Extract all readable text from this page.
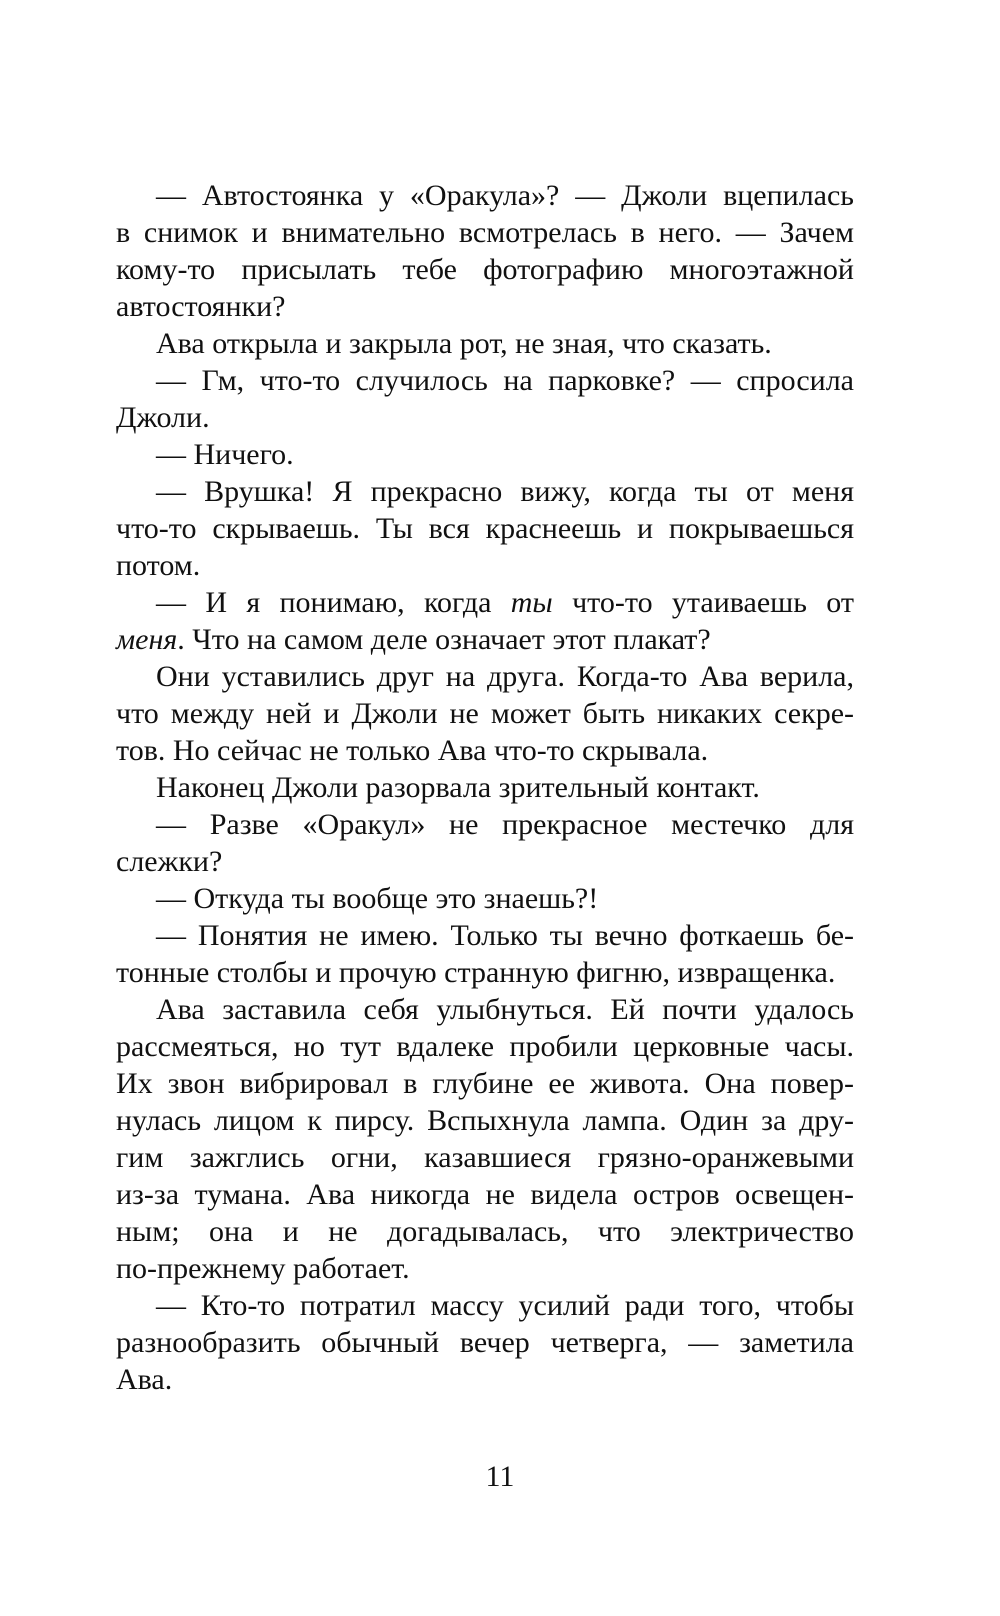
— Автостоянка у «Оракула»? — Джоли вцепилась
в снимок и внимательно всмотрелась в него. — Зачем
кому-то присылать тебе фотографию многоэтажной
автостоянки?
Ава открыла и закрыла рот, не зная, что сказать.
— Гм, что-то случилось на парковке? — спросила
Джоли.
— Ничего.
— Врушка! Я прекрасно вижу, когда ты от меня
что-то скрываешь. Ты вся краснеешь и покрываешься
потом.
— И я понимаю, когда ты что-то утаиваешь от
меня. Что на самом деле означает этот плакат?
Они уставились друг на друга. Когда-то Ава верила,
что между ней и Джоли не может быть никаких секре-
тов. Но сейчас не только Ава что-то скрывала.
Наконец Джоли разорвала зрительный контакт.
— Разве «Оракул» не прекрасное местечко для
слежки?
— Откуда ты вообще это знаешь?!
— Понятия не имею. Только ты вечно фоткаешь бе-
тонные столбы и прочую странную фигню, извращенка.
Ава заставила себя улыбнуться. Ей почти удалось
рассмеяться, но тут вдалеке пробили церковные часы.
Их звон вибрировал в глубине ее живота. Она повер-
нулась лицом к пирсу. Вспыхнула лампа. Один за дру-
гим зажглись огни, казавшиеся грязно-оранжевыми
из-за тумана. Ава никогда не видела остров освещен-
ным; она и не догадывалась, что электричество
по-прежнему работает.
— Кто-то потратил массу усилий ради того, чтобы
разнообразить обычный вечер четверга, — заметила
Ава.
11
